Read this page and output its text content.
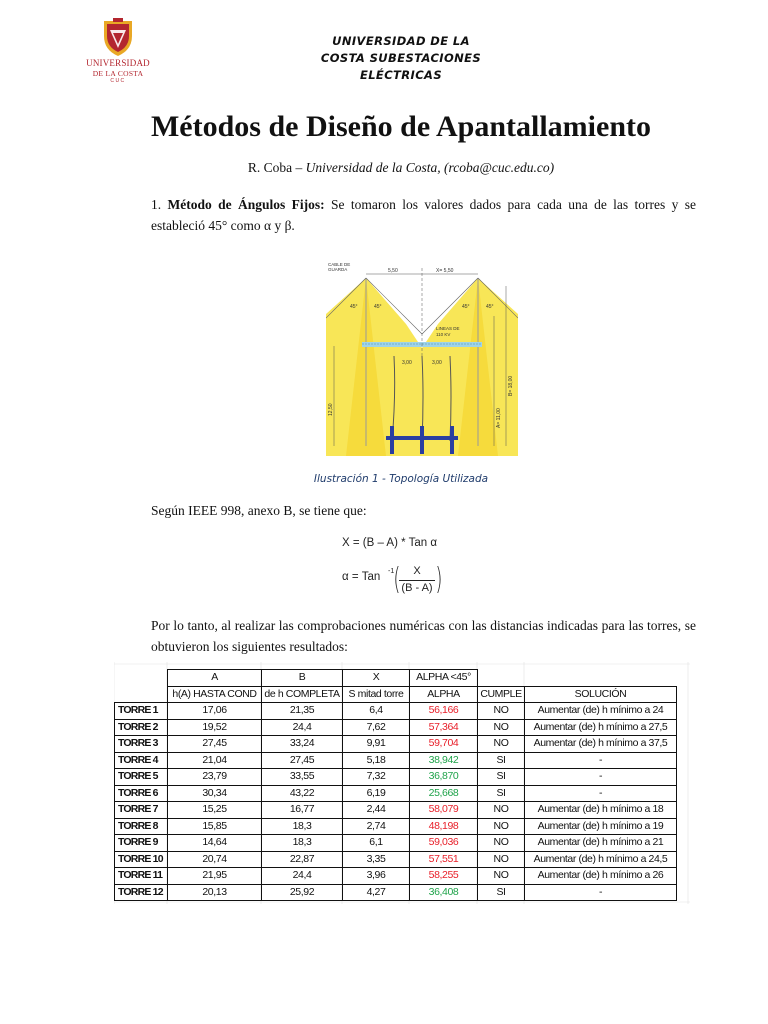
UNIVERSIDAD
DE LA COSTA
CUC
UNIVERSIDAD DE LA
COSTA SUBESTACIONES
ELÉCTRICAS
Métodos de Diseño de Apantallamiento
R. Coba – Universidad de la Costa, (rcoba@cuc.edu.co)
1. Método de Ángulos Fijos: Se tomaron los valores dados para cada una de las torres y se estableció 45° como α y β.
CABLE DE
GUARDA	5,50	X= 5,50
45°	45°	45°	45°
LINEAS DE
110 KV
3,00	3,00
12,50
B= 18,00
A= 11,00
Ilustración 1 - Topología Utilizada
Según IEEE 998, anexo B, se tiene que:
X = (B – A) * Tan α
α = Tan -1 (	X
(B - A) )
Por lo tanto, al realizar las comprobaciones numéricas con las distancias indicadas para las torres, se obtuvieron los siguientes resultados:
	A	B	X	ALPHA <45°		
	h(A) HASTA COND	de h COMPLETA	S mitad torre	ALPHA	CUMPLE	SOLUCIÓN
TORRE 1	17,06	21,35	6,4	56,166	NO	Aumentar (de) h mínimo a 24
TORRE 2	19,52	24,4	7,62	57,364	NO	Aumentar (de) h mínimo a 27,5
TORRE 3	27,45	33,24	9,91	59,704	NO	Aumentar (de) h mínimo a 37,5
TORRE 4	21,04	27,45	5,18	38,942	SI	-
TORRE 5	23,79	33,55	7,32	36,870	SI	-
TORRE 6	30,34	43,22	6,19	25,668	SI	-
TORRE 7	15,25	16,77	2,44	58,079	NO	Aumentar (de) h mínimo a 18
TORRE 8	15,85	18,3	2,74	48,198	NO	Aumentar (de) h mínimo a 19
TORRE 9	14,64	18,3	6,1	59,036	NO	Aumentar (de) h mínimo a 21
TORRE 10	20,74	22,87	3,35	57,551	NO	Aumentar (de) h mínimo a 24,5
TORRE 11	21,95	24,4	3,96	58,255	NO	Aumentar (de) h mínimo a 26
TORRE 12	20,13	25,92	4,27	36,408	SI	-
